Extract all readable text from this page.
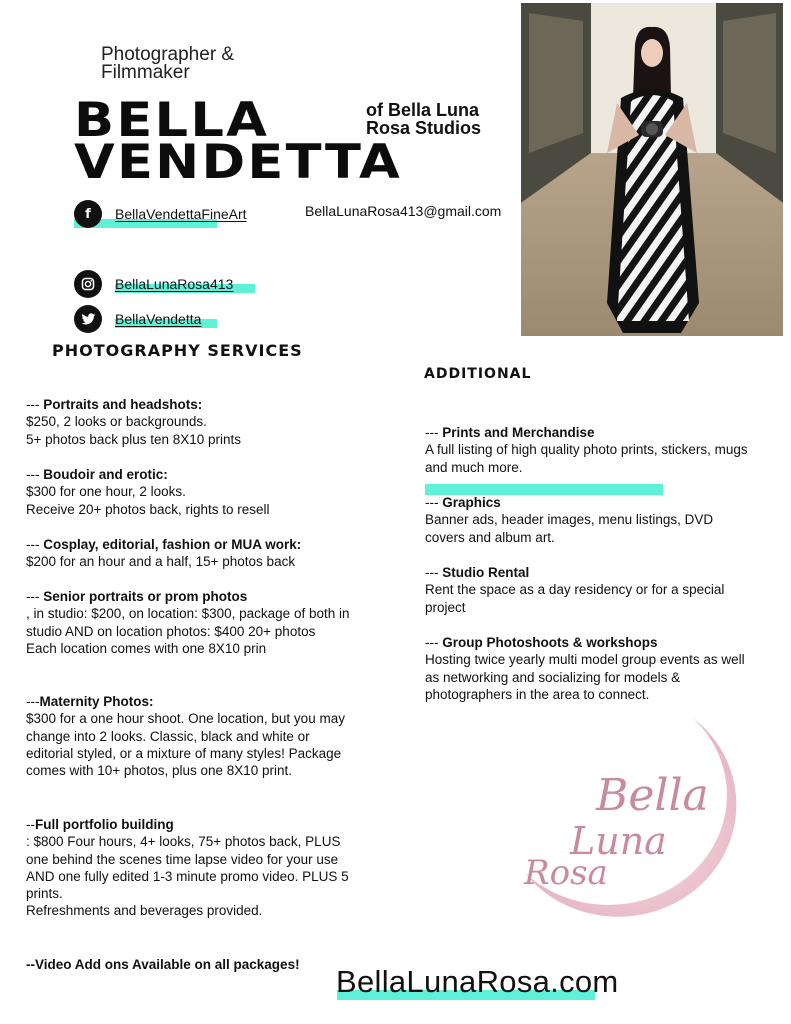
Photographer & Filmmaker
BELLA
VENDETTA
of Bella Luna
Rosa Studios
f	BellaVendettaFineArt	BellaLunaRosa413@gmail.com
BellaLunaRosa413
BellaVendetta
PHOTOGRAPHY SERVICES
ADDITIONAL
--- Portraits and headshots:
$250, 2 looks or backgrounds.
5+ photos back plus ten 8X10 prints
--- Boudoir and erotic:
$300 for one hour, 2 looks.
Receive 20+ photos back, rights to resell
--- Cosplay, editorial, fashion or MUA work:
$200 for an hour and a half, 15+ photos back
--- Senior portraits or prom photos
, in studio: $200, on location: $300, package of both in studio AND on location photos: $400 20+ photos
Each location comes with one 8X10 prin
---Maternity Photos:
$300 for a one hour shoot. One location, but you may change into 2 looks. Classic, black and white or editorial styled, or a mixture of many styles! Package comes with 10+ photos, plus one 8X10 print.
--Full portfolio building
: $800 Four hours, 4+ looks, 75+ photos back, PLUS one behind the scenes time lapse video for your use AND one fully edited 1-3 minute promo video. PLUS 5 prints.
Refreshments and beverages provided.
--Video Add ons Available on all packages!
--- Prints and Merchandise
A full listing of high quality photo prints, stickers, mugs and much more.
--- Graphics
Banner ads, header images, menu listings, DVD covers and album art.
--- Studio Rental
Rent the space as a day residency or for a special project
--- Group Photoshoots & workshops
Hosting twice yearly multi model group events as well as networking and socializing for models & photographers in the area to connect.
Bella
Luna
Rosa
BellaLunaRosa.com
